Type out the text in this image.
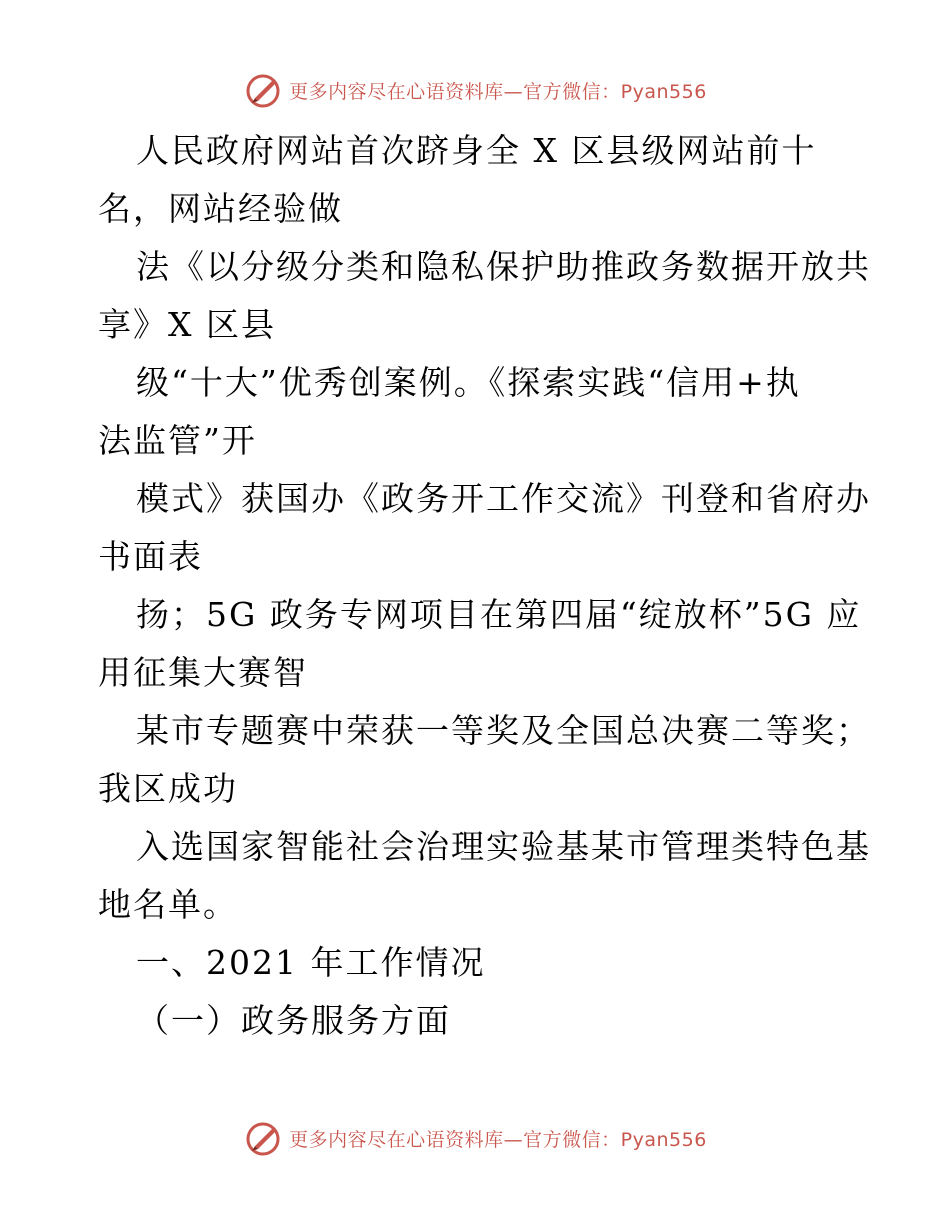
更多内容尽在心语资料库—官方微信：Pyan556
人民政府网站首次跻身全 X 区县级网站前十
名，网站经验做
法《以分级分类和隐私保护助推政务数据开放共
享》X 区县
级“十大”优秀创案例。《探索实践“信用+执
法监管”开
模式》获国办《政务开工作交流》刊登和省府办
书面表
扬；5G 政务专网项目在第四届“绽放杯”5G 应
用征集大赛智
某市专题赛中荣获一等奖及全国总决赛二等奖；
我区成功
入选国家智能社会治理实验基某市管理类特色基
地名单。
一、2021 年工作情况
（一）政务服务方面
更多内容尽在心语资料库—官方微信：Pyan556
